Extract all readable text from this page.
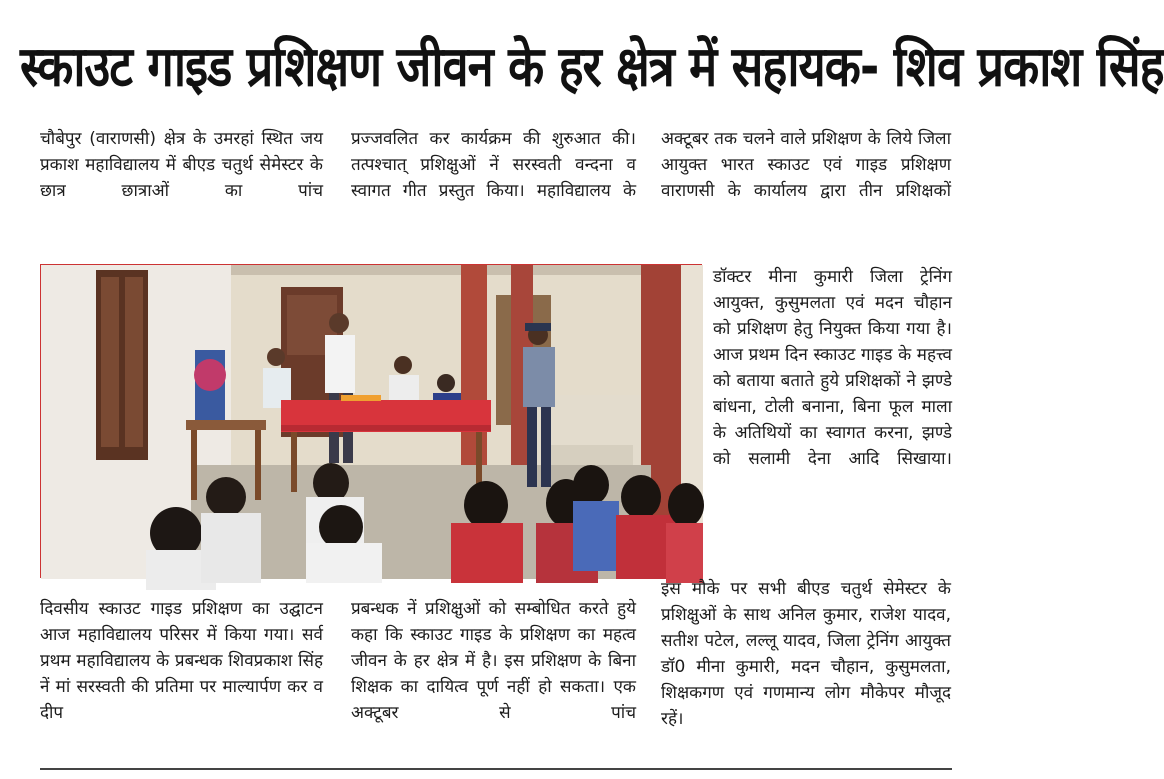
स्काउट गाइड प्रशिक्षण जीवन के हर क्षेत्र में सहायक- शिव प्रकाश सिंह
चौबेपुर (वाराणसी) क्षेत्र के उमरहां स्थित जय प्रकाश महाविद्यालय में बीएड चतुर्थ सेमेस्टर के छात्र छात्राओं का पांच
प्रज्जवलित कर कार्यक्रम की शुरुआत की। तत्पश्चात् प्रशिक्षुओं नें सरस्वती वन्दना व स्वागत गीत प्रस्तुत किया। महाविद्यालय के
अक्टूबर तक चलने वाले प्रशिक्षण के लिये जिला आयुक्त भारत स्काउट एवं गाइड प्रशिक्षण वाराणसी के कार्यालय द्वारा तीन प्रशिक्षकों
डॉक्टर मीना कुमारी जिला ट्रेनिंग आयुक्त, कुसुमलता एवं मदन चौहान को प्रशिक्षण हेतु नियुक्त किया गया है। आज प्रथम दिन स्काउट गाइड के महत्त्व को बताया बताते हुये प्रशिक्षकों ने झण्डे बांधना, टोली बनाना, बिना फूल माला के अतिथियों का स्वागत करना, झण्डे को सलामी देना आदि सिखाया।
इस मौके पर सभी बीएड चतुर्थ सेमेस्टर के प्रशिक्षुओं के साथ अनिल कुमार, राजेश यादव, सतीश पटेल, लल्लू यादव, जिला ट्रेनिंग आयुक्त डॉ0 मीना कुमारी, मदन चौहान, कुसुमलता, शिक्षकगण एवं गणमान्य लोग मौकेपर मौजूद रहें।
दिवसीय स्काउट गाइड प्रशिक्षण का उद्घाटन आज महाविद्यालय परिसर में किया गया। सर्व प्रथम महाविद्यालय के प्रबन्धक शिवप्रकाश सिंह नें मां सरस्वती की प्रतिमा पर माल्यार्पण कर व दीप
प्रबन्धक नें प्रशिक्षुओं को सम्बोधित करते हुये कहा कि स्काउट गाइड के प्रशिक्षण का महत्व जीवन के हर क्षेत्र में है। इस प्रशिक्षण के बिना शिक्षक का दायित्व पूर्ण नहीं हो सकता। एक अक्टूबर से पांच
